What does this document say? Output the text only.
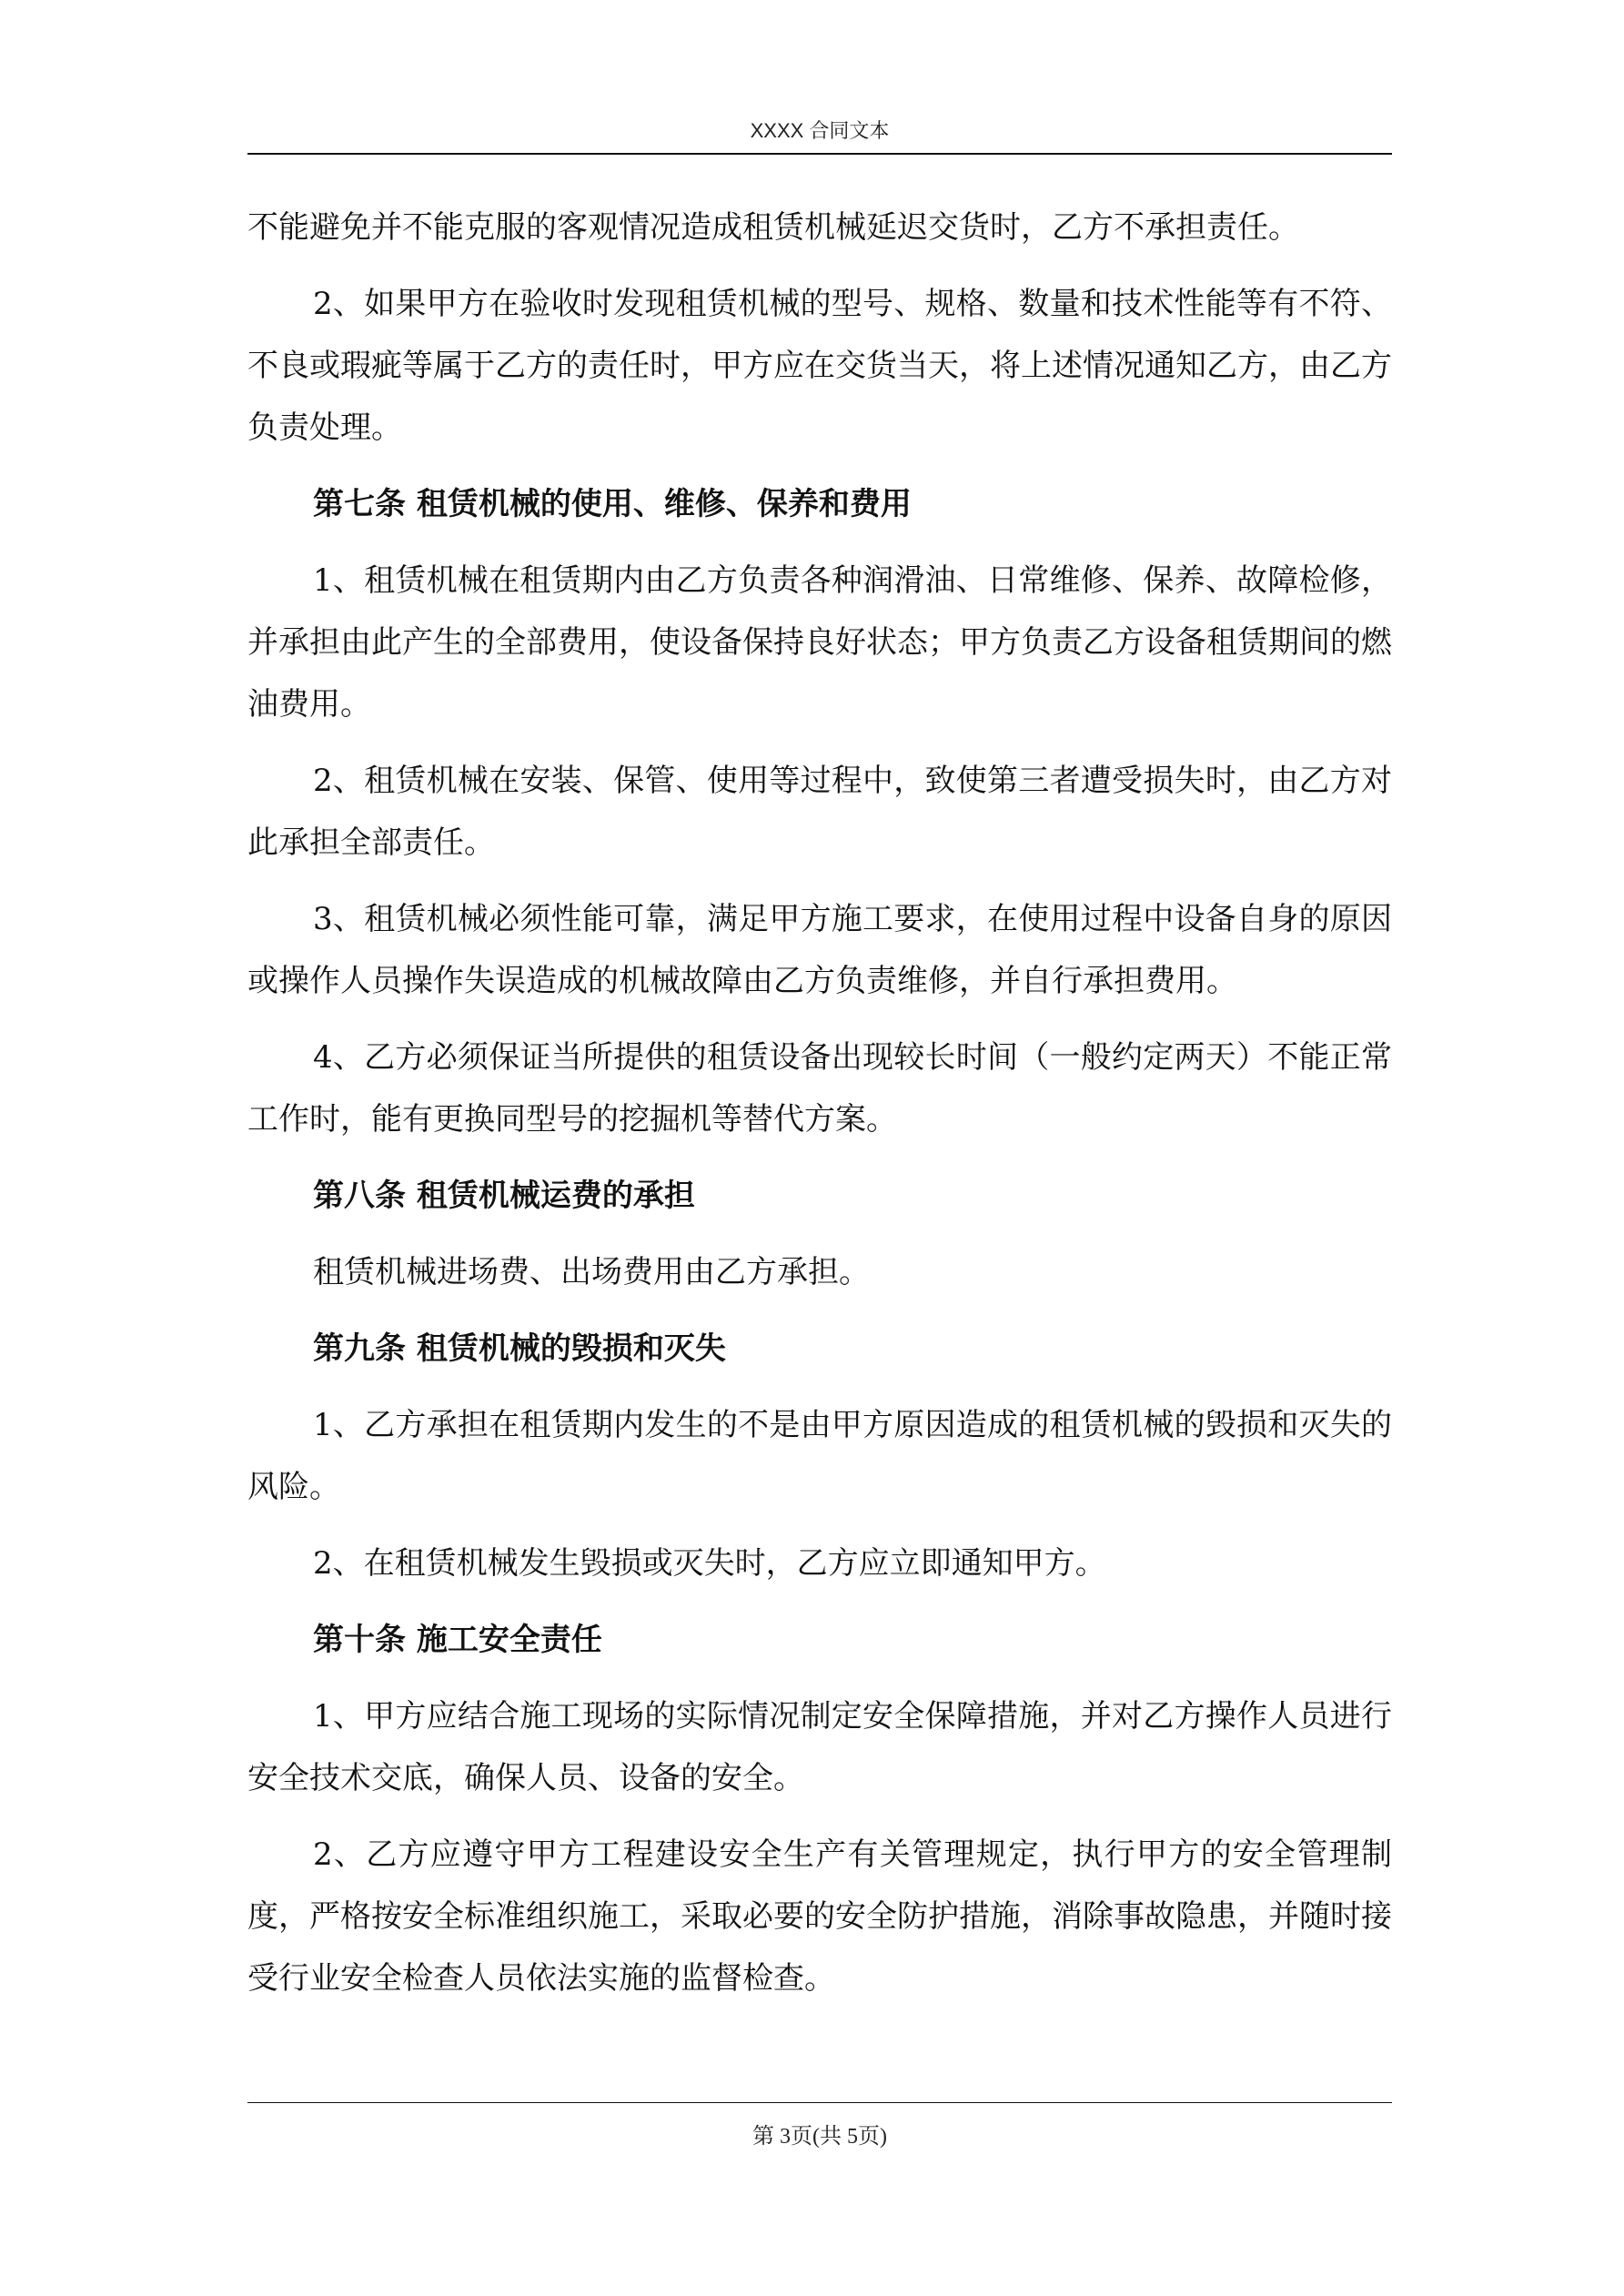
XXXX 合同文本

不能避免并不能克服的客观情况造成租赁机械延迟交货时，乙方不承担责任。

2、如果甲方在验收时发现租赁机械的型号、规格、数量和技术性能等有不符、不良或瑕疵等属于乙方的责任时，甲方应在交货当天，将上述情况通知乙方，由乙方负责处理。

第七条 租赁机械的使用、维修、保养和费用

1、租赁机械在租赁期内由乙方负责各种润滑油、日常维修、保养、故障检修，并承担由此产生的全部费用，使设备保持良好状态；甲方负责乙方设备租赁期间的燃油费用。

2、租赁机械在安装、保管、使用等过程中，致使第三者遭受损失时，由乙方对此承担全部责任。

3、租赁机械必须性能可靠，满足甲方施工要求，在使用过程中设备自身的原因或操作人员操作失误造成的机械故障由乙方负责维修，并自行承担费用。

4、乙方必须保证当所提供的租赁设备出现较长时间（一般约定两天）不能正常工作时，能有更换同型号的挖掘机等替代方案。

第八条 租赁机械运费的承担

租赁机械进场费、出场费用由乙方承担。

第九条 租赁机械的毁损和灭失

1、乙方承担在租赁期内发生的不是由甲方原因造成的租赁机械的毁损和灭失的风险。

2、在租赁机械发生毁损或灭失时，乙方应立即通知甲方。

第十条 施工安全责任

1、甲方应结合施工现场的实际情况制定安全保障措施，并对乙方操作人员进行安全技术交底，确保人员、设备的安全。

2、乙方应遵守甲方工程建设安全生产有关管理规定，执行甲方的安全管理制度，严格按安全标准组织施工，采取必要的安全防护措施，消除事故隐患，并随时接受行业安全检查人员依法实施的监督检查。

第 3页(共 5页)
